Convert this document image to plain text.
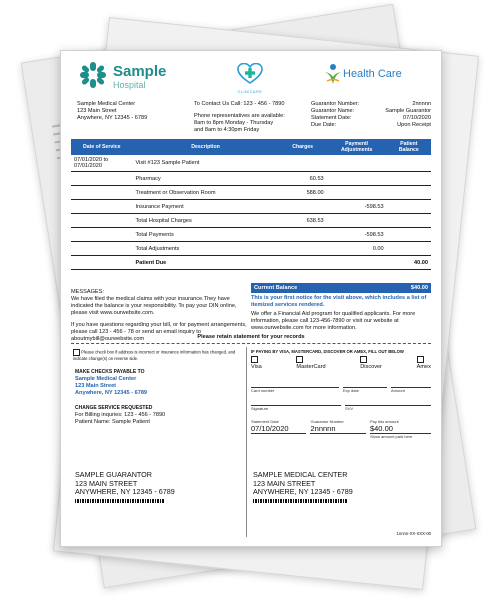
Sample
Hospital
CLINICARE
Health Care
Sample Medical Center
123 Main Street
Anywhere, NY 12345 - 6789
To Contact Us Call: 123 - 456 - 7890
Phone representatives are available:
8am to 8pm Monday - Thursday
and 8am to 4:30pm Friday
Guarantor Number:	2nnnnn
Guarantor Name:	Sample Guarantor
Statement Date:	07/10/2020
Due Date:	Upon Receipt
Date of Service	Description	Charges	Payment/ Adjustments	Patient Balance
07/01/2020 to 07/01/2020	Visit #123 Sample Patient			
	Pharmacy	60.53		
	Treatment or Observation Room	588.00		
	Insurance Payment		-598.53	
	Total Hospital Charges	638.53		
	Total Payments		-598.53	
	Total Adjustments		0.00	
	Patient Due			40.00
MESSAGES:
We have filed the medical claims with your insurance.They have indicated the balance is your responsibility. To pay your DIN online, please visit www.ourwebsite.com.
If you have questions regarding your bill, or for payment arrangements, please call 123 - 456 - 78 or send an email inquiry to aboutmybill@ourwebsite.com
Current Balance	$40.00
This is your first notice for the visit above, which includes a list of itemized services rendered.
We offer a Financial Aid program for qualified applicants. For more information, please call 123-456-7890 or visit our website at www.ourwebsite.com for more information.
Please retain statement for your records
Please check box if address is incorrect or insurance information has changed, and indicate change(s) on reverse side.
MAKE CHECKS PAYABLE TO
Sample Medical Center
123 Main Street
Anywhere, NY 12345 - 6789
CHANGE SERVICE REQUESTED
For Billing inquries: 123 - 456 - 7890
Patient Name: Sample Patient
SAMPLE GUARANTOR
123 MAIN STREET
ANYWHERE, NY 12345 - 6789
IF PAYING BY VISA, MASTERCARD, DISCOVER OR AMEX, FILL OUT BELOW
Visa	MasterCard	Discover	Amex
Card number	Exp date	Amount
Signature	SVV
Statement Date
07/10/2020
Guarantor Number
2nnnnn
Pay this amount
$40.00
Show amount paid here
SAMPLE MEDICAL CENTER
123 MAIN STREET
ANYWHERE, NY 12345 - 6789
1nnnn-XX-XXX-00
